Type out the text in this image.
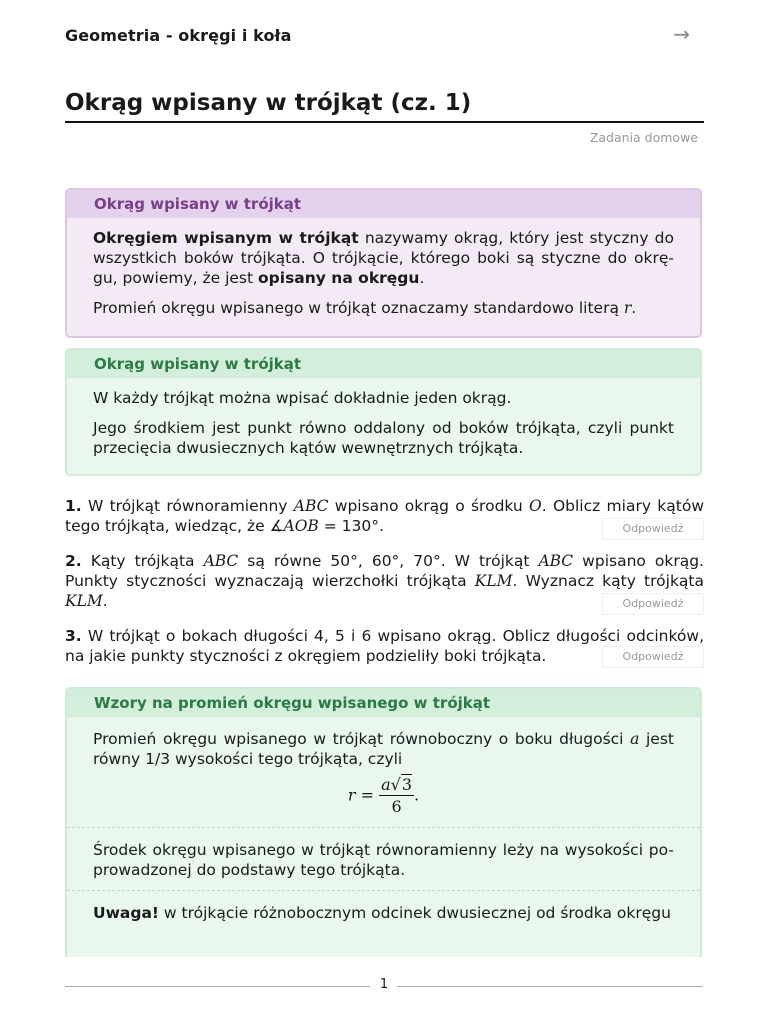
Geometria - okręgi i koła	→
Okrąg wpisany w trójkąt (cz. 1)
Zadania domowe
Okrąg wpisany w trójkąt

Okręgiem wpisanym w trójkąt nazywamy okrąg, który jest styczny do wszystkich boków trójkąta. O trójkącie, którego boki są styczne do okrę-gu, powiemy, że jest opisany na okręgu.

Promień okręgu wpisanego w trójkąt oznaczamy standardowo literą r.

Okrąg wpisany w trójkąt

W każdy trójkąt można wpisać dokładnie jeden okrąg.

Jego środkiem jest punkt równo oddalony od boków trójkąta, czyli punkt przecięcia dwusiecznych kątów wewnętrznych trójkąta.

1. W trójkąt równoramienny ABC wpisano okrąg o środku O. Oblicz miary kątów tego trójkąta, wiedząc, że ∡AOB = 130°.	Odpowiedź
2. Kąty trójkąta ABC są równe 50°, 60°, 70°. W trójkąt ABC wpisano okrąg. Punkty styczności wyznaczają wierzchołki trójkąta KLM. Wyznacz kąty trójkąta KLM.	Odpowiedź
3. W trójkąt o bokach długości 4, 5 i 6 wpisano okrąg. Oblicz długości odcinków, na jakie punkty styczności z okręgiem podzieliły boki trójkąta.	Odpowiedź
Wzory na promień okręgu wpisanego w trójkąt
Promień okręgu wpisanego w trójkąt równoboczny o boku długości a jest równy 1/3 wysokości tego trójkąta, czyli
$r = \frac{a√3}{6}$ .
Środek okręgu wpisanego w trójkąt równoramienny leży na wysokości po-prowadzonej do podstawy tego trójkąta.
Uwaga! w trójkącie różnobocznym odcinek dwusiecznej od środka okręgu
1
